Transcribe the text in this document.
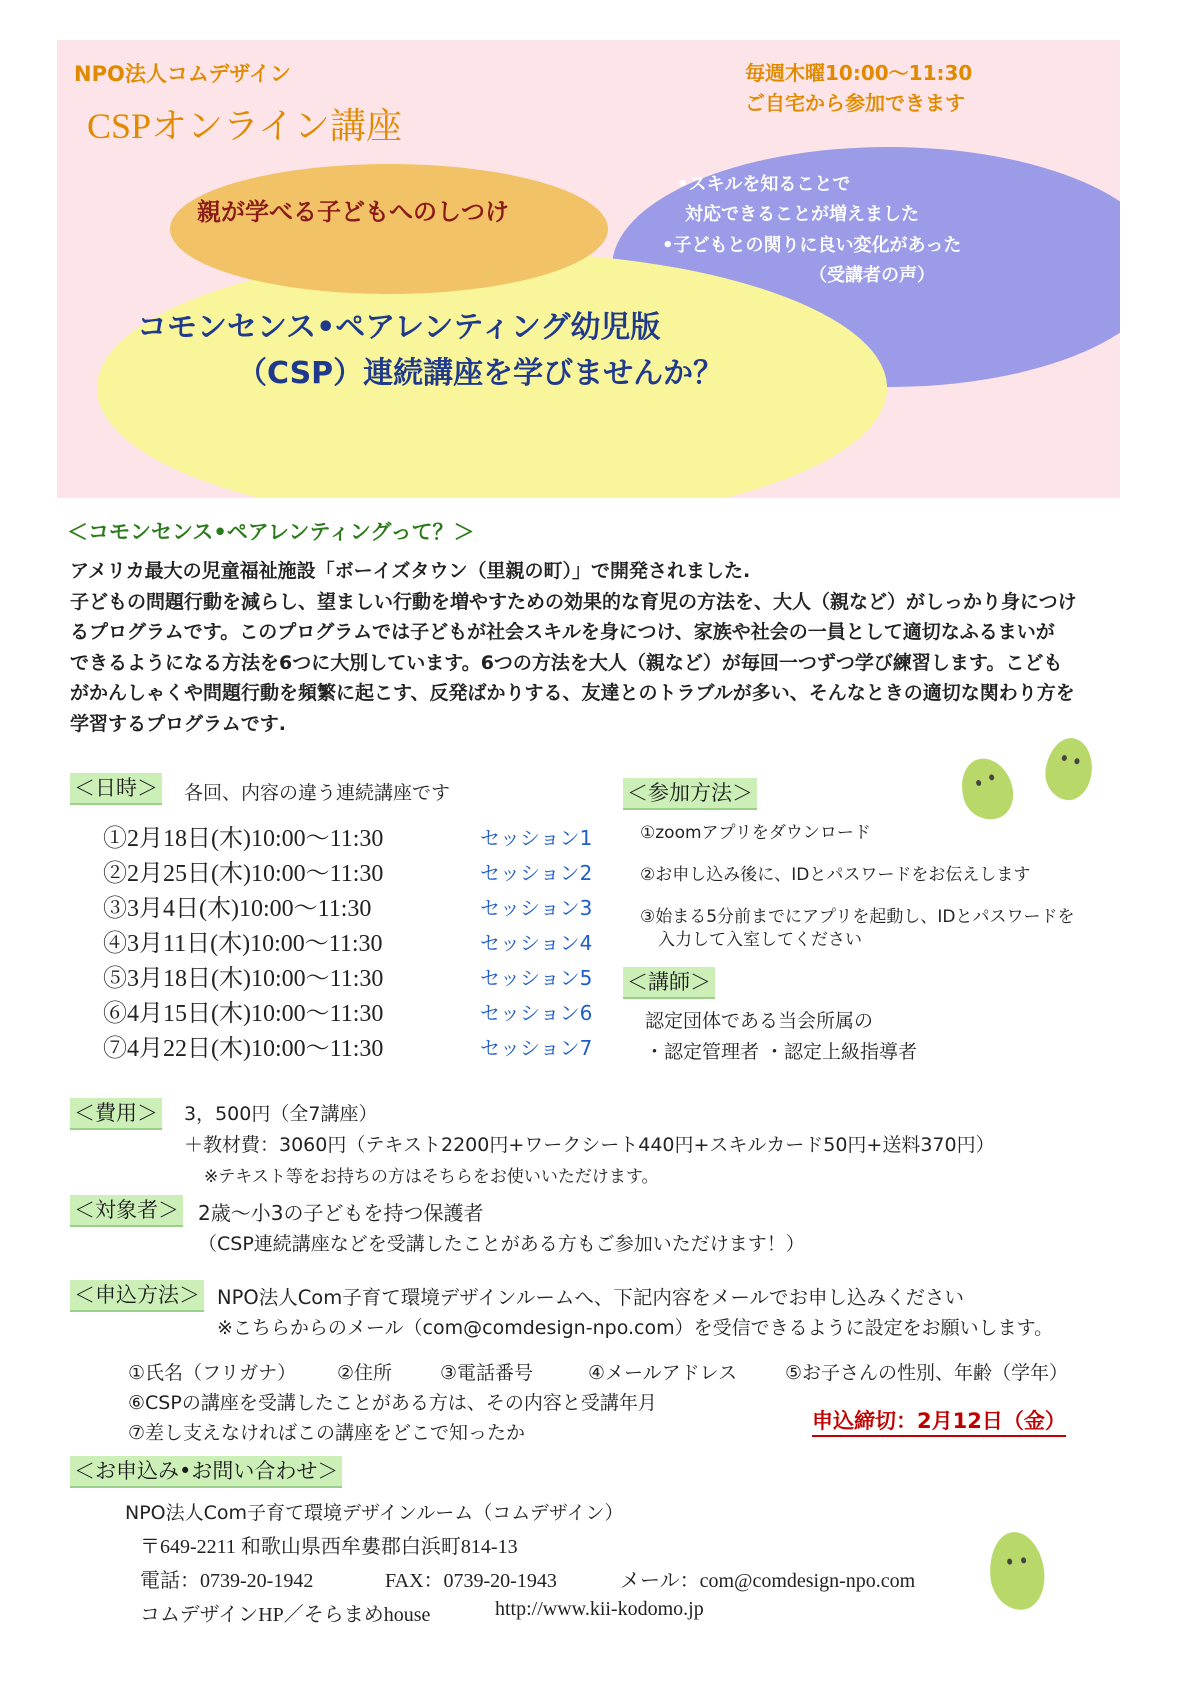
NPO法人コムデザイン
CSPオンライン講座
毎週木曜10:00～11:30
ご自宅から参加できます
親が学べる子どもへのしつけ
•スキルを知ることで
対応できることが増えました
•子どもとの関りに良い変化があった
（受講者の声）
コモンセンス•ペアレンティング幼児版
（CSP）連続講座を学びませんか？
＜コモンセンス•ペアレンティングって？＞
アメリカ最大の児童福祉施設「ボーイズタウン（里親の町）」で開発されました.
子どもの問題行動を減らし、望ましい行動を増やすための効果的な育児の方法を、大人（親など）がしっかり身につけ
るプログラムです。このプログラムでは子どもが社会スキルを身につけ、家族や社会の一員として適切なふるまいが
できるようになる方法を6つに大別しています。6つの方法を大人（親など）が毎回一つずつ学び練習します。こども
がかんしゃくや問題行動を頻繁に起こす、反発ばかりする、友達とのトラブルが多い、そんなときの適切な関わり方を
学習するプログラムです.
＜日時＞ 各回、内容の違う連続講座です
①2月18日(木)10:00～11:30	セッション1
②2月25日(木)10:00～11:30	セッション2
③3月4日(木)10:00～11:30	セッション3
④3月11日(木)10:00～11:30	セッション4
⑤3月18日(木)10:00～11:30	セッション5
⑥4月15日(木)10:00～11:30	セッション6
⑦4月22日(木)10:00～11:30	セッション7
＜参加方法＞
①zoomアプリをダウンロード
②お申し込み後に、IDとパスワードをお伝えします
③始まる5分前までにアプリを起動し、IDとパスワードを
入力して入室してください
＜講師＞
認定団体である当会所属の
・認定管理者 ・認定上級指導者
＜費用＞ 3，500円（全7講座）
＋教材費：3060円（テキスト2200円+ワークシート440円+スキルカード50円+送料370円）
※テキスト等をお持ちの方はそちらをお使いいただけます。
＜対象者＞ 2歳～小3の子どもを持つ保護者
（CSP連続講座などを受講したことがある方もご参加いただけます！）
＜申込方法＞ NPO法人Com子育て環境デザインルームへ、下記内容をメールでお申し込みください
※こちらからのメール（com@comdesign-npo.com）を受信できるように設定をお願いします。
①氏名（フリガナ） ②住所	③電話番号	④メールアドレス	⑤お子さんの性別、年齢（学年）
⑥CSPの講座を受講したことがある方は、その内容と受講年月
⑦差し支えなければこの講座をどこで知ったか	申込締切：2月12日（金）
＜お申込み•お問い合わせ＞
NPO法人Com子育て環境デザインルーム（コムデザイン）
〒649-2211 和歌山県西牟婁郡白浜町814-13
電話：0739-20-1942	FAX：0739-20-1943	メール：com@comdesign-npo.com
コムデザインHP／そらまめhouse	http://www.kii-kodomo.jp
